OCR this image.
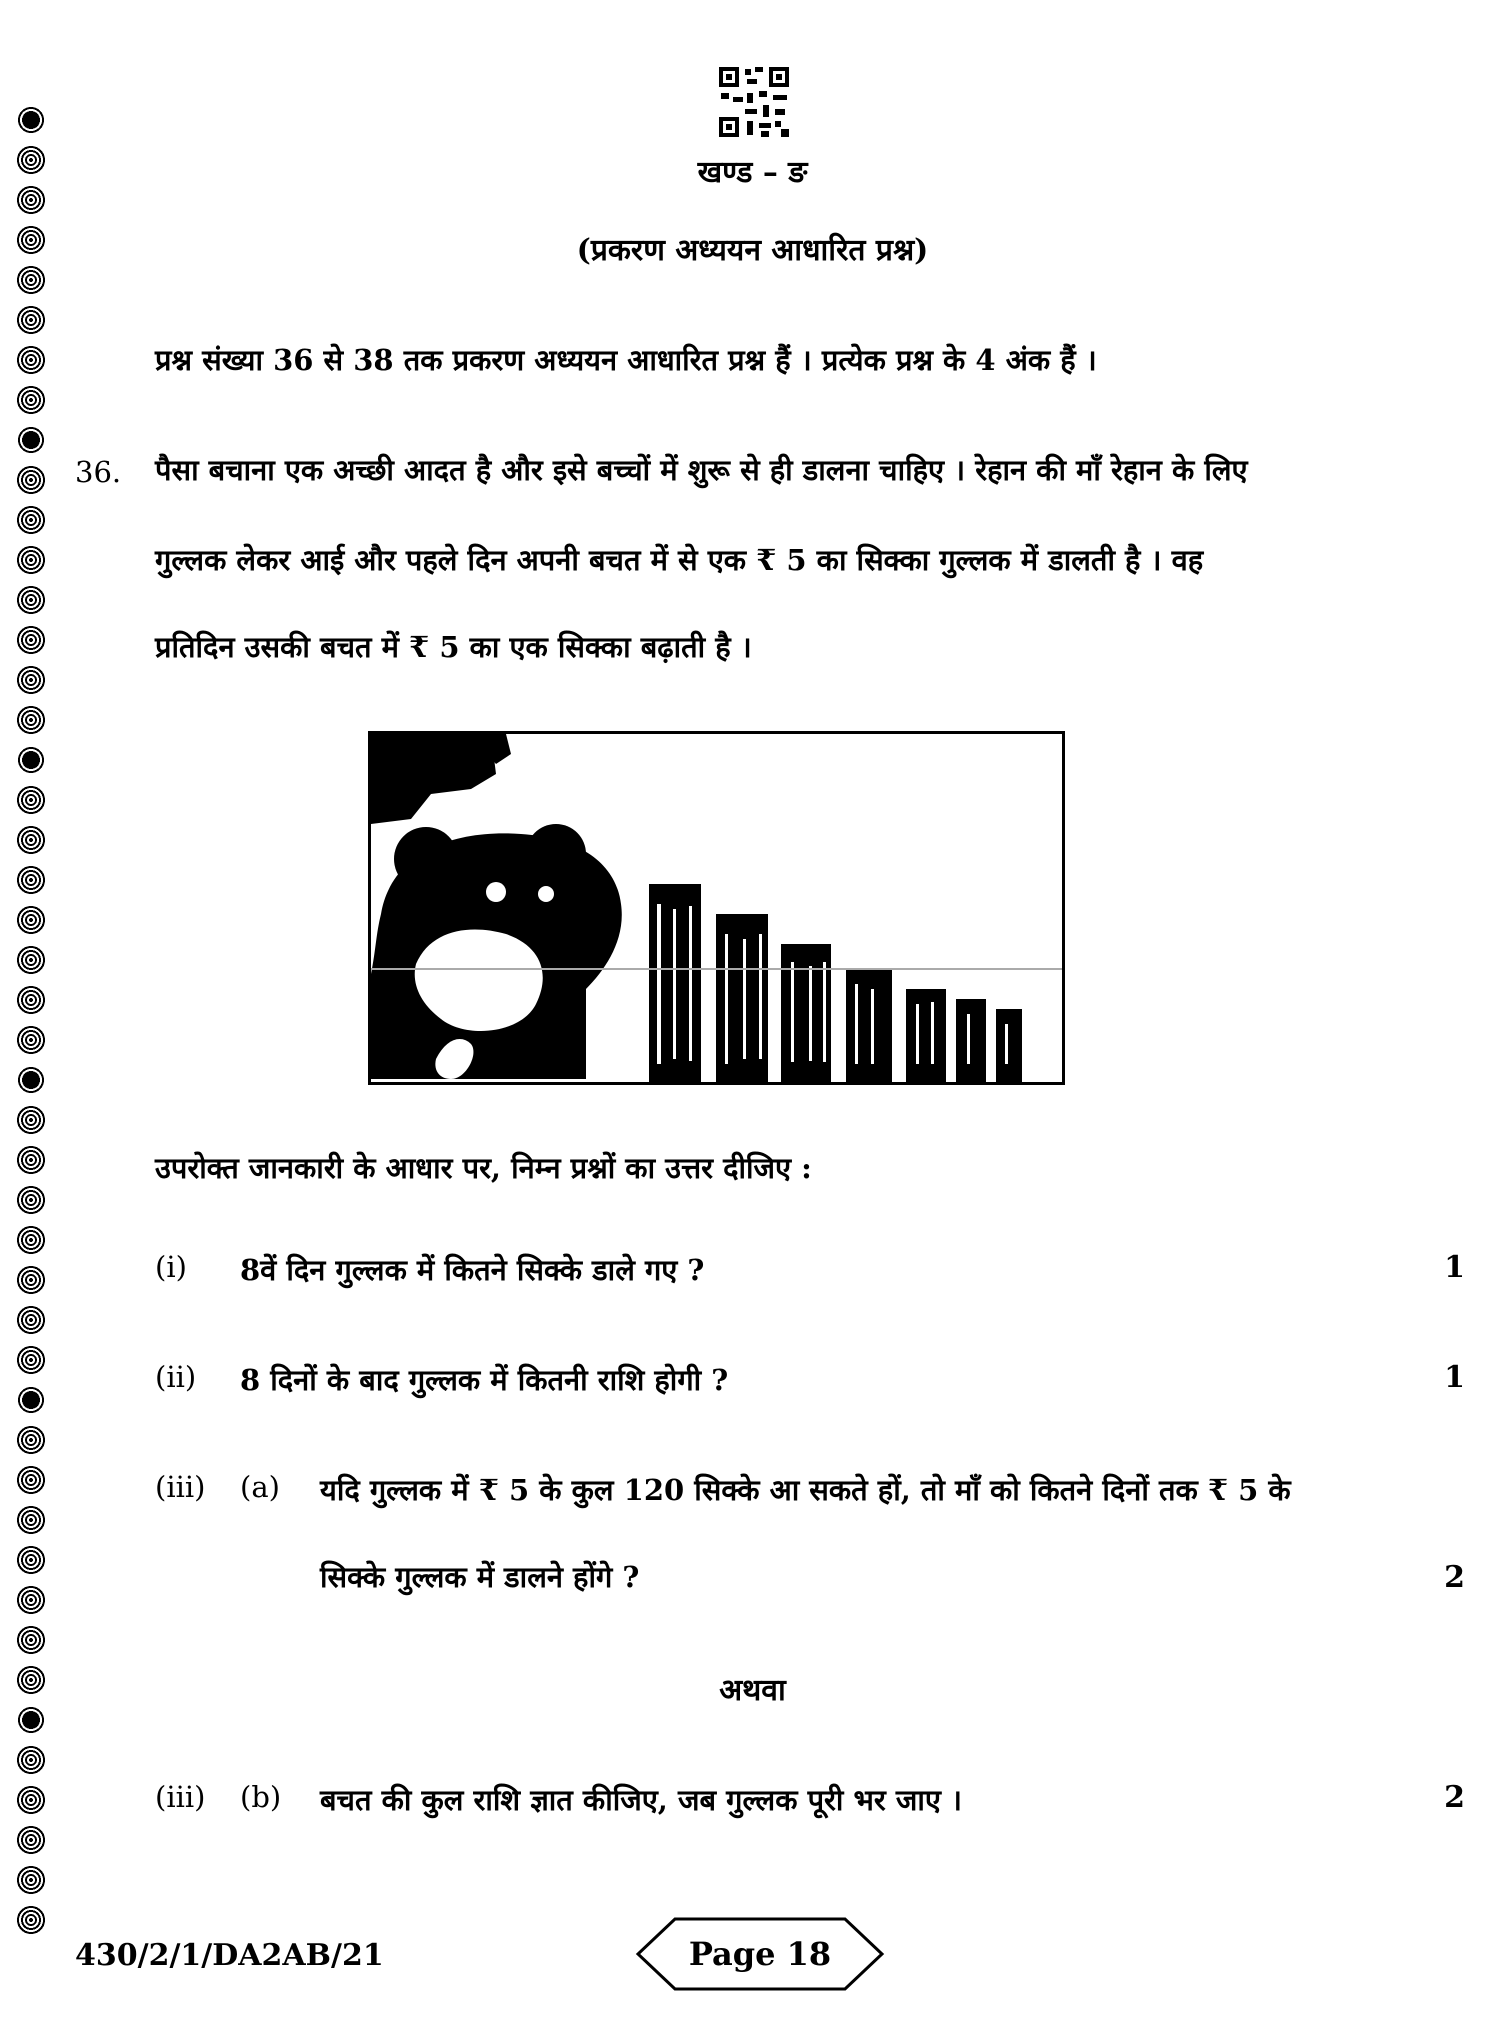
खण्ड – ङ
(प्रकरण अध्ययन आधारित प्रश्न)
प्रश्न संख्या 36 से 38 तक प्रकरण अध्ययन आधारित प्रश्न हैं । प्रत्येक प्रश्न के 4 अंक हैं ।
36. पैसा बचाना एक अच्छी आदत है और इसे बच्चों में शुरू से ही डालना चाहिए । रेहान की माँ रेहान के लिए
गुल्लक लेकर आई और पहले दिन अपनी बचत में से एक ₹ 5 का सिक्का गुल्लक में डालती है । वह
प्रतिदिन उसकी बचत में ₹ 5 का एक सिक्का बढ़ाती है ।
उपरोक्त जानकारी के आधार पर, निम्न प्रश्नों का उत्तर दीजिए :
(i) 8वें दिन गुल्लक में कितने सिक्के डाले गए ?	1
(ii) 8 दिनों के बाद गुल्लक में कितनी राशि होगी ?	1
(iii) (a) यदि गुल्लक में ₹ 5 के कुल 120 सिक्के आ सकते हों, तो माँ को कितने दिनों तक ₹ 5 के
सिक्के गुल्लक में डालने होंगे ?	2
अथवा
(iii) (b) बचत की कुल राशि ज्ञात कीजिए, जब गुल्लक पूरी भर जाए ।	2
430/2/1/DA2AB/21	Page 18
